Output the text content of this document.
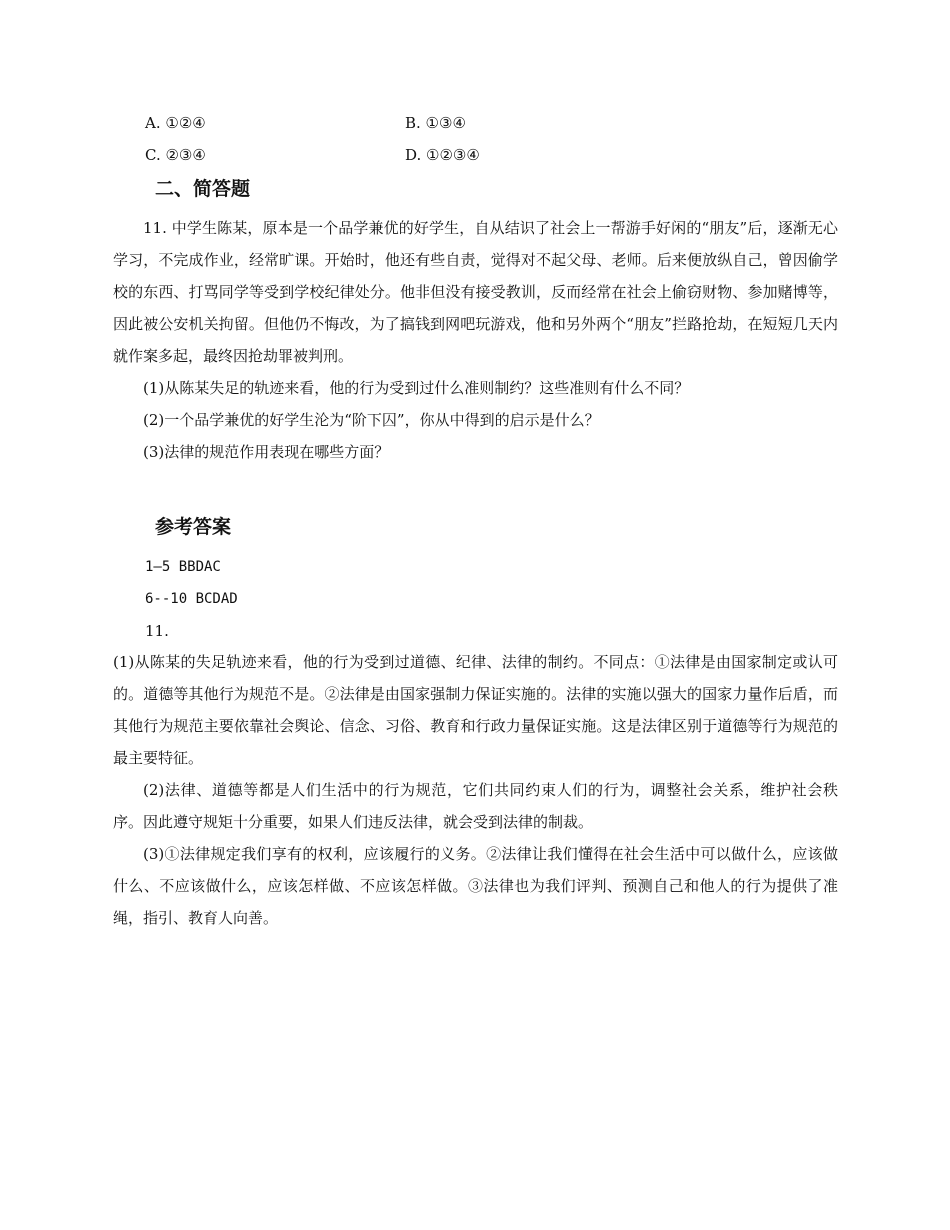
A. ①②④	B. ①③④
C. ②③④	D. ①②③④
二、简答题

11. 中学生陈某，原本是一个品学兼优的好学生，自从结识了社会上一帮游手好闲的“朋友”后，逐渐无心学习，不完成作业，经常旷课。开始时，他还有些自责，觉得对不起父母、老师。后来便放纵自己，曾因偷学校的东西、打骂同学等受到学校纪律处分。他非但没有接受教训，反而经常在社会上偷窃财物、参加赌博等，因此被公安机关拘留。但他仍不悔改，为了搞钱到网吧玩游戏，他和另外两个“朋友”拦路抢劫，在短短几天内就作案多起，最终因抢劫罪被判刑。

(1)从陈某失足的轨迹来看，他的行为受到过什么准则制约？这些准则有什么不同？

(2)一个品学兼优的好学生沦为“阶下囚”，你从中得到的启示是什么？

(3)法律的规范作用表现在哪些方面？

参考答案
1—5 BBDAC
6--10 BCDAD
11.

(1)从陈某的失足轨迹来看，他的行为受到过道德、纪律、法律的制约。不同点：①法律是由国家制定或认可的。道德等其他行为规范不是。②法律是由国家强制力保证实施的。法律的实施以强大的国家力量作后盾，而其他行为规范主要依靠社会舆论、信念、习俗、教育和行政力量保证实施。这是法律区别于道德等行为规范的最主要特征。

(2)法律、道德等都是人们生活中的行为规范，它们共同约束人们的行为，调整社会关系，维护社会秩序。因此遵守规矩十分重要，如果人们违反法律，就会受到法律的制裁。

(3)①法律规定我们享有的权利，应该履行的义务。②法律让我们懂得在社会生活中可以做什么，应该做什么、不应该做什么，应该怎样做、不应该怎样做。③法律也为我们评判、预测自己和他人的行为提供了准绳，指引、教育人向善。
